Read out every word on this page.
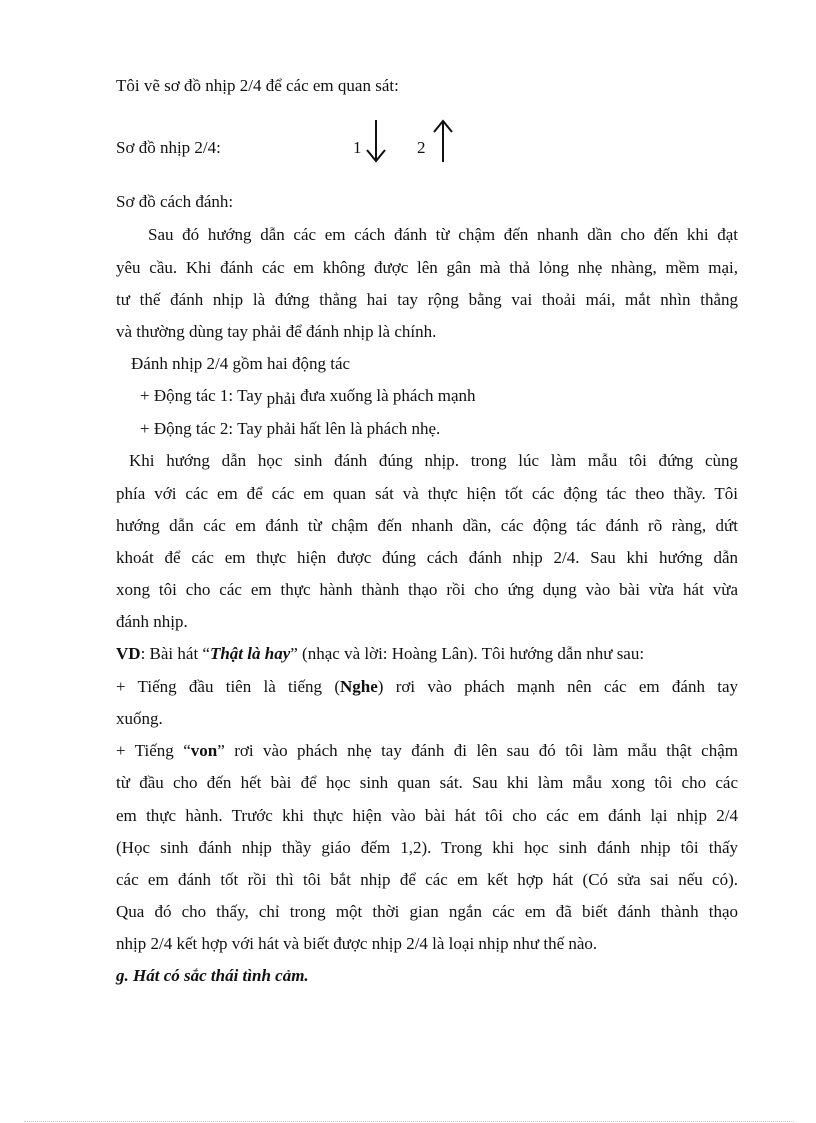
Tôi vẽ sơ đồ nhịp 2/4 để các em quan sát:

Sơ đồ nhịp 2/4:	1	2

Sơ đồ cách đánh:

Sau đó hướng dẫn các em cách đánh từ chậm đến nhanh dần cho đến khi đạt

yêu cầu. Khi đánh các em không được lên gân mà thả lỏng nhẹ nhàng, mềm mại,

tư thế đánh nhịp là đứng thẳng hai tay rộng bằng vai thoải mái, mắt nhìn thẳng

và thường dùng tay phải để đánh nhịp là chính.

Đánh nhịp 2/4 gồm hai động tác

+ Động tác 1: Tay phải đưa xuống là phách mạnh

+ Động tác 2: Tay phải hất lên là phách nhẹ.

Khi hướng dẫn học sinh đánh đúng nhịp. trong lúc làm mẫu tôi đứng cùng

phía với các em để các em quan sát và thực hiện tốt các động tác theo thầy. Tôi

hướng dẫn các em đánh từ chậm đến nhanh dần, các động tác đánh rõ ràng, dứt

khoát để các em thực hiện được đúng cách đánh nhịp 2/4. Sau khi hướng dẫn

xong tôi cho các em thực hành thành thạo rồi cho ứng dụng vào bài vừa hát vừa

đánh nhịp.

VD: Bài hát “Thật là hay” (nhạc và lời: Hoàng Lân). Tôi hướng dẫn như sau:

+ Tiếng đầu tiên là tiếng (Nghe) rơi vào phách mạnh nên các em đánh tay

xuống.

+ Tiếng “von” rơi vào phách nhẹ tay đánh đi lên sau đó tôi làm mẫu thật chậm

từ đầu cho đến hết bài để học sinh quan sát. Sau khi làm mẫu xong tôi cho các

em thực hành. Trước khi thực hiện vào bài hát tôi cho các em đánh lại nhịp 2/4

(Học sinh đánh nhịp thầy giáo đếm 1,2). Trong khi học sinh đánh nhịp tôi thấy

các em đánh tốt rồi thì tôi bắt nhịp để các em kết hợp hát (Có sửa sai nếu có).

Qua đó cho thấy, chỉ trong một thời gian ngắn các em đã biết đánh thành thạo

nhịp 2/4 kết hợp với hát và biết được nhịp 2/4 là loại nhịp như thế nào.

g. Hát có sắc thái tình cảm.
